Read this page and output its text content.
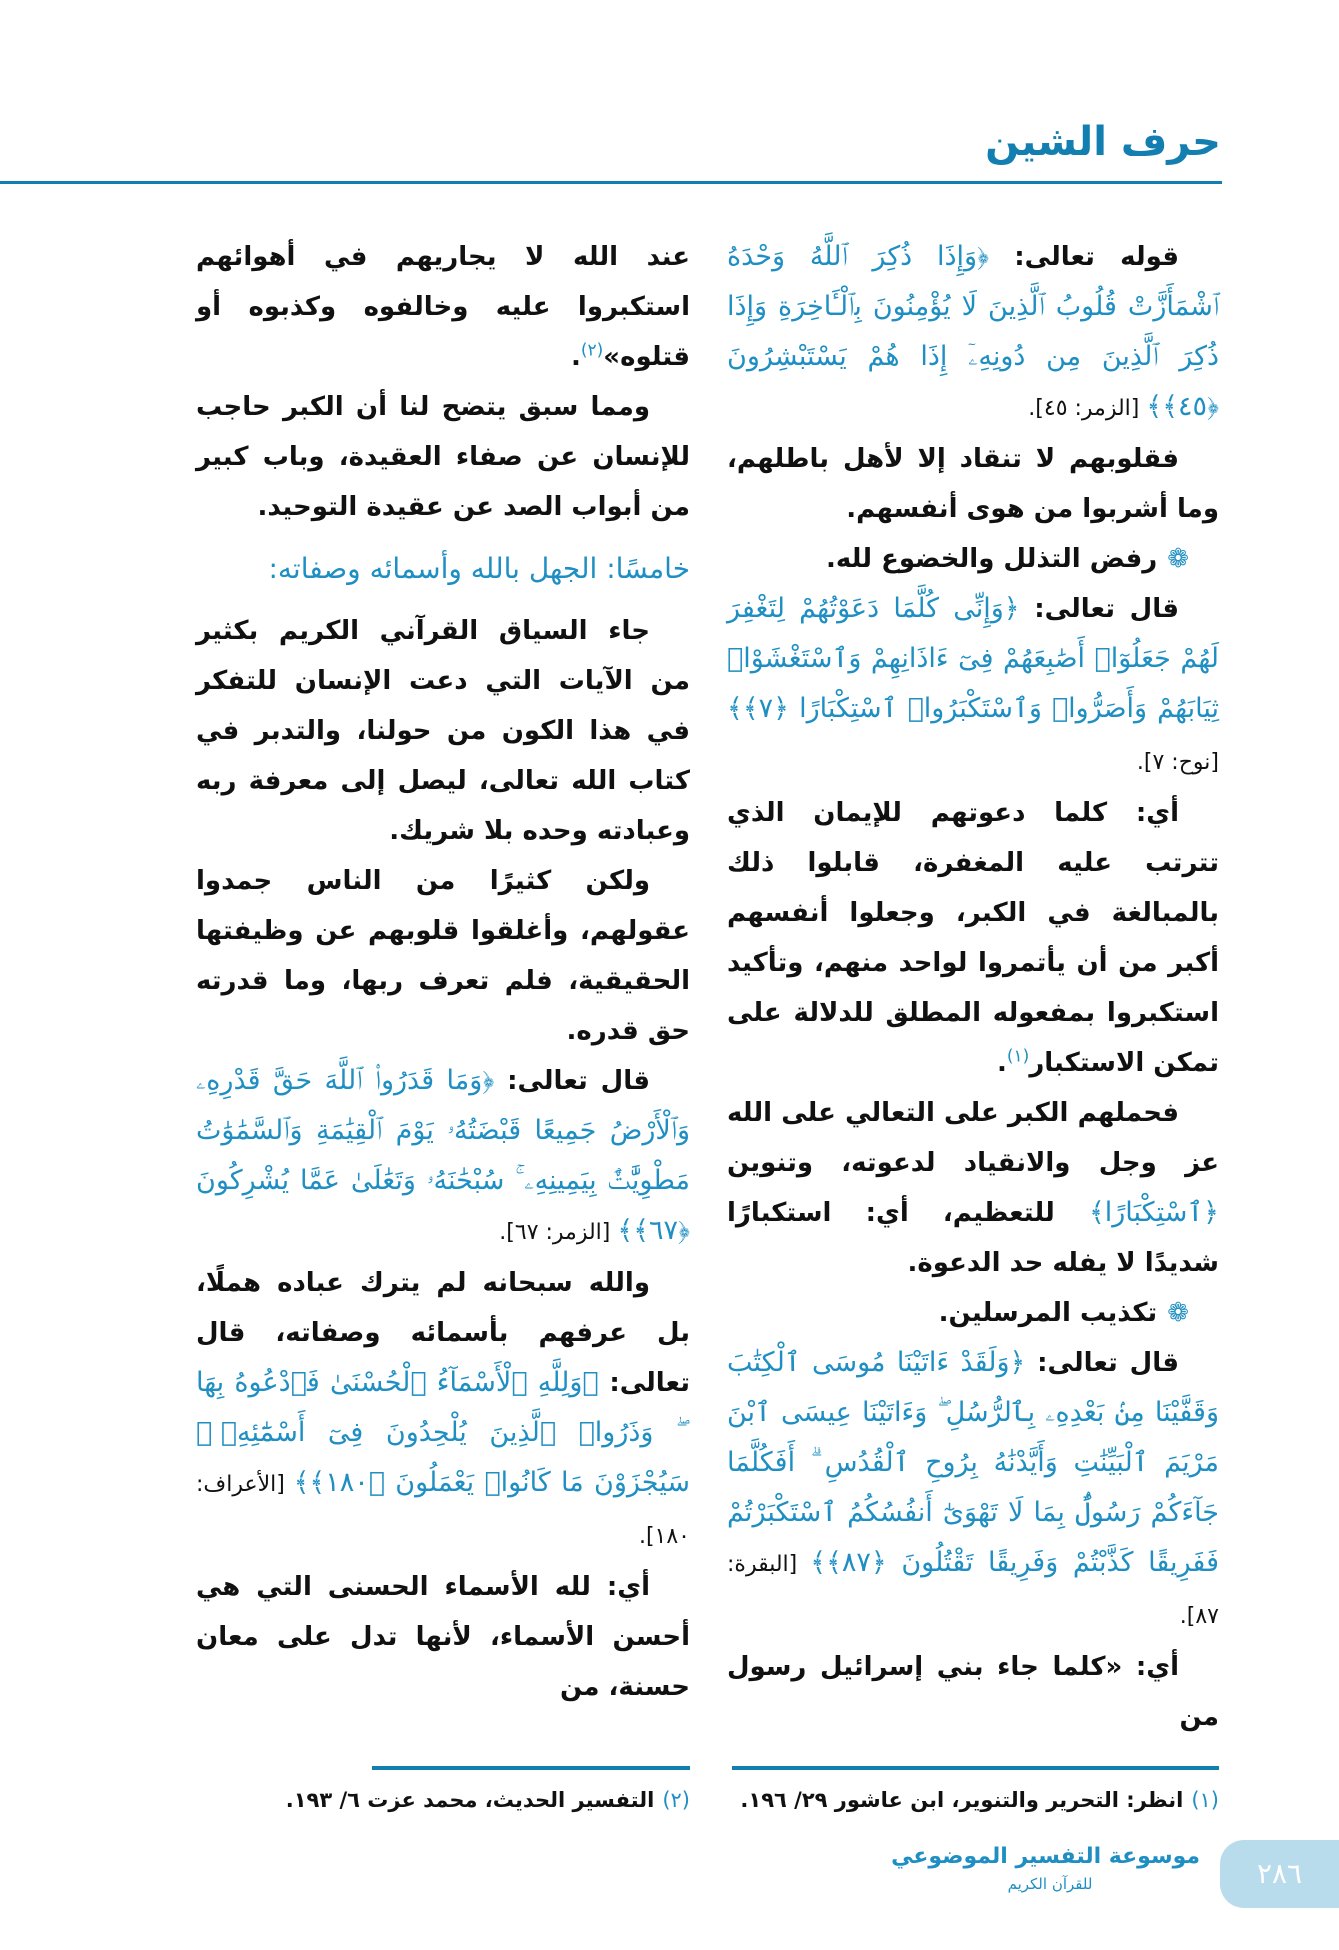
حرف الشين

عند الله لا يجاريهم في أهوائهم استكبروا عليه وخالفوه وكذبوه أو قتلوه»$^{(٢)}$.

ومما سبق يتضح لنا أن الكبر حاجب للإنسان عن صفاء العقيدة، وباب كبير من أبواب الصد عن عقيدة التوحيد.

خامسًا: الجهل بالله وأسمائه وصفاته:

جاء السياق القرآني الكريم بكثير من الآيات التي دعت الإنسان للتفكر في هذا الكون من حولنا، والتدبر في كتاب الله تعالى، ليصل إلى معرفة ربه وعبادته وحده بلا شريك.

ولكن كثيرًا من الناس جمدوا عقولهم، وأغلقوا قلوبهم عن وظيفتها الحقيقية، فلم تعرف ربها، وما قدرته حق قدره.

قال تعالى: ﴿وَمَا قَدَرُوا۟ ٱللَّهَ حَقَّ قَدْرِهِۦ وَٱلْأَرْضُ جَمِيعًا قَبْضَتُهُۥ يَوْمَ ٱلْقِيَٰمَةِ وَٱلسَّمَٰوَٰتُ مَطْوِيَّٰتٌۢ بِيَمِينِهِۦ ۚ سُبْحَٰنَهُۥ وَتَعَٰلَىٰ عَمَّا يُشْرِكُونَ ﴿٦٧﴾﴾ [الزمر: ٦٧].

والله سبحانه لم يترك عباده هملًا، بل عرفهم بأسمائه وصفاته، قال تعالى: ﴿وَلِلَّهِ ٱلْأَسْمَآءُ ٱلْحُسْنَىٰ فَٱدْعُوهُ بِهَا ۖ وَذَرُوا۟ ٱلَّذِينَ يُلْحِدُونَ فِىٓ أَسْمَٰٓئِهِۦ ۚ سَيُجْزَوْنَ مَا كَانُوا۟ يَعْمَلُونَ ﴿١٨٠﴾﴾ [الأعراف: ١٨٠].

أي: لله الأسماء الحسنى التي هي أحسن الأسماء، لأنها تدل على معان حسنة، من

قوله تعالى: ﴿وَإِذَا ذُكِرَ ٱللَّهُ وَحْدَهُ ٱشْمَأَزَّتْ قُلُوبُ ٱلَّذِينَ لَا يُؤْمِنُونَ بِٱلْـَٔاخِرَةِ وَإِذَا ذُكِرَ ٱلَّذِينَ مِن دُونِهِۦٓ إِذَا هُمْ يَسْتَبْشِرُونَ ﴿٤٥﴾﴾ [الزمر: ٤٥].

فقلوبهم لا تنقاد إلا لأهل باطلهم، وما أشربوا من هوى أنفسهم.

❁رفض التذلل والخضوع لله.

قال تعالى: ﴿وَإِنِّى كُلَّمَا دَعَوْتُهُمْ لِتَغْفِرَ لَهُمْ جَعَلُوٓا۟ أَصَٰبِعَهُمْ فِىٓ ءَاذَانِهِمْ وَٱسْتَغْشَوْا۟ ثِيَابَهُمْ وَأَصَرُّوا۟ وَٱسْتَكْبَرُوا۟ ٱسْتِكْبَارًا ﴿٧﴾﴾ [نوح: ٧].

أي: كلما دعوتهم للإيمان الذي تترتب عليه المغفرة، قابلوا ذلك بالمبالغة في الكبر، وجعلوا أنفسهم أكبر من أن يأتمروا لواحد منهم، وتأكيد استكبروا بمفعوله المطلق للدلالة على تمكن الاستكبار$^{(١)}$.

فحملهم الكبر على التعالي على الله عز وجل والانقياد لدعوته، وتنوين ﴿ٱسْتِكْبَارًا﴾ للتعظيم، أي: استكبارًا شديدًا لا يفله حد الدعوة.

❁تكذيب المرسلين.

قال تعالى: ﴿وَلَقَدْ ءَاتَيْنَا مُوسَى ٱلْكِتَٰبَ وَقَفَّيْنَا مِنۢ بَعْدِهِۦ بِٱلرُّسُلِ ۖ وَءَاتَيْنَا عِيسَى ٱبْنَ مَرْيَمَ ٱلْبَيِّنَٰتِ وَأَيَّدْنَٰهُ بِرُوحِ ٱلْقُدُسِ ۗ أَفَكُلَّمَا جَآءَكُمْ رَسُولٌۢ بِمَا لَا تَهْوَىٰٓ أَنفُسُكُمُ ٱسْتَكْبَرْتُمْ فَفَرِيقًا كَذَّبْتُمْ وَفَرِيقًا تَقْتُلُونَ ﴿٨٧﴾﴾ [البقرة: ٨٧].

أي: «كلما جاء بني إسرائيل رسول من

(٢)التفسير الحديث، محمد عزت ٦/ ١٩٣.	(١)انظر: التحرير والتنوير، ابن عاشور ٢٩/ ١٩٦.
موسوعة التفسير الموضوعي
للقرآن الكريم	٢٨٦
